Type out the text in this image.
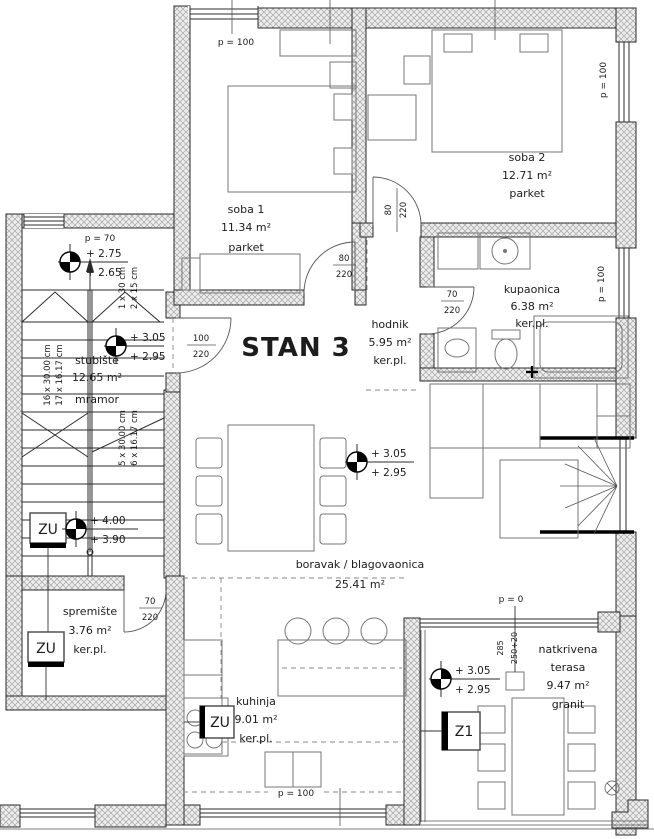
ZU
ZU
ZU
Z1
+ 2.75
+ 2.65
+ 3.05
+ 2.95
+ 4.00
+ 3.90
+ 3.05
+ 2.95
+ 3.05
+ 2.95
100
220
80
220
80 220
70
220
70
220
p = 70
p = 100
p = 100
p = 100
p = 100
p = 0
1 x 30 cm 2 x 15 cm
16 x 30.00 cm 17 x 16.17 cm
5 x 30.00 cm 6 x 16.17 cm
285 250+20
STAN 3
soba 1
11.34 m²
parket
soba 2
12.71 m²
parket
kupaonica
6.38 m²
ker.pl.
hodnik
5.95 m²
ker.pl.
stubište
12.65 m²
mramor
boravak / blagovaonica
25.41 m²
spremište
3.76 m²
ker.pl.
kuhinja
9.01 m²
ker.pl.
natkrivena
terasa
9.47 m²
granit
